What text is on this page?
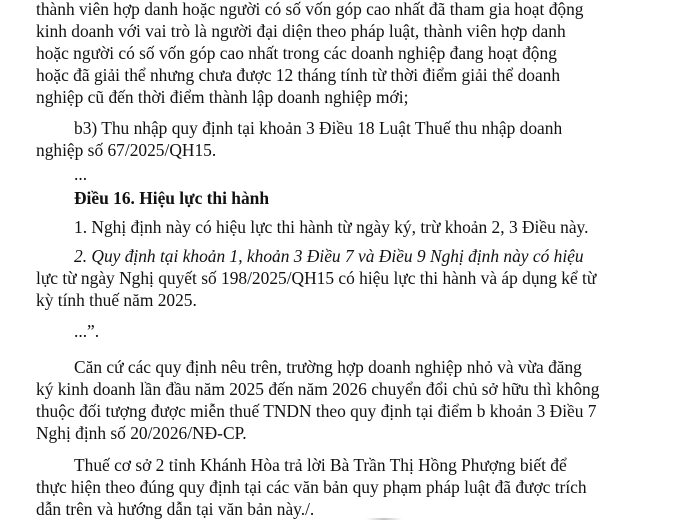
thành viên hợp danh hoặc người có số vốn góp cao nhất đã tham gia hoạt động

kinh doanh với vai trò là người đại diện theo pháp luật, thành viên hợp danh

hoặc người có số vốn góp cao nhất trong các doanh nghiệp đang hoạt động

hoặc đã giải thể nhưng chưa được 12 tháng tính từ thời điểm giải thể doanh

nghiệp cũ đến thời điểm thành lập doanh nghiệp mới;

b3) Thu nhập quy định tại khoản 3 Điều 18 Luật Thuế thu nhập doanh

nghiệp số 67/2025/QH15.

...

Điều 16. Hiệu lực thi hành

1. Nghị định này có hiệu lực thi hành từ ngày ký, trừ khoản 2, 3 Điều này.

2. Quy định tại khoản 1, khoản 3 Điều 7 và Điều 9 Nghị định này có hiệu

lực từ ngày Nghị quyết số 198/2025/QH15 có hiệu lực thi hành và áp dụng kể từ

kỳ tính thuế năm 2025.

...”.

Căn cứ các quy định nêu trên, trường hợp doanh nghiệp nhỏ và vừa đăng

ký kinh doanh lần đầu năm 2025 đến năm 2026 chuyển đổi chủ sở hữu thì không

thuộc đối tượng được miễn thuế TNDN theo quy định tại điểm b khoản 3 Điều 7

Nghị định số 20/2026/NĐ-CP.

Thuế cơ sở 2 tỉnh Khánh Hòa trả lời Bà Trần Thị Hồng Phượng biết để

thực hiện theo đúng quy định tại các văn bản quy phạm pháp luật đã được trích

dẫn trên và hướng dẫn tại văn bản này./.
